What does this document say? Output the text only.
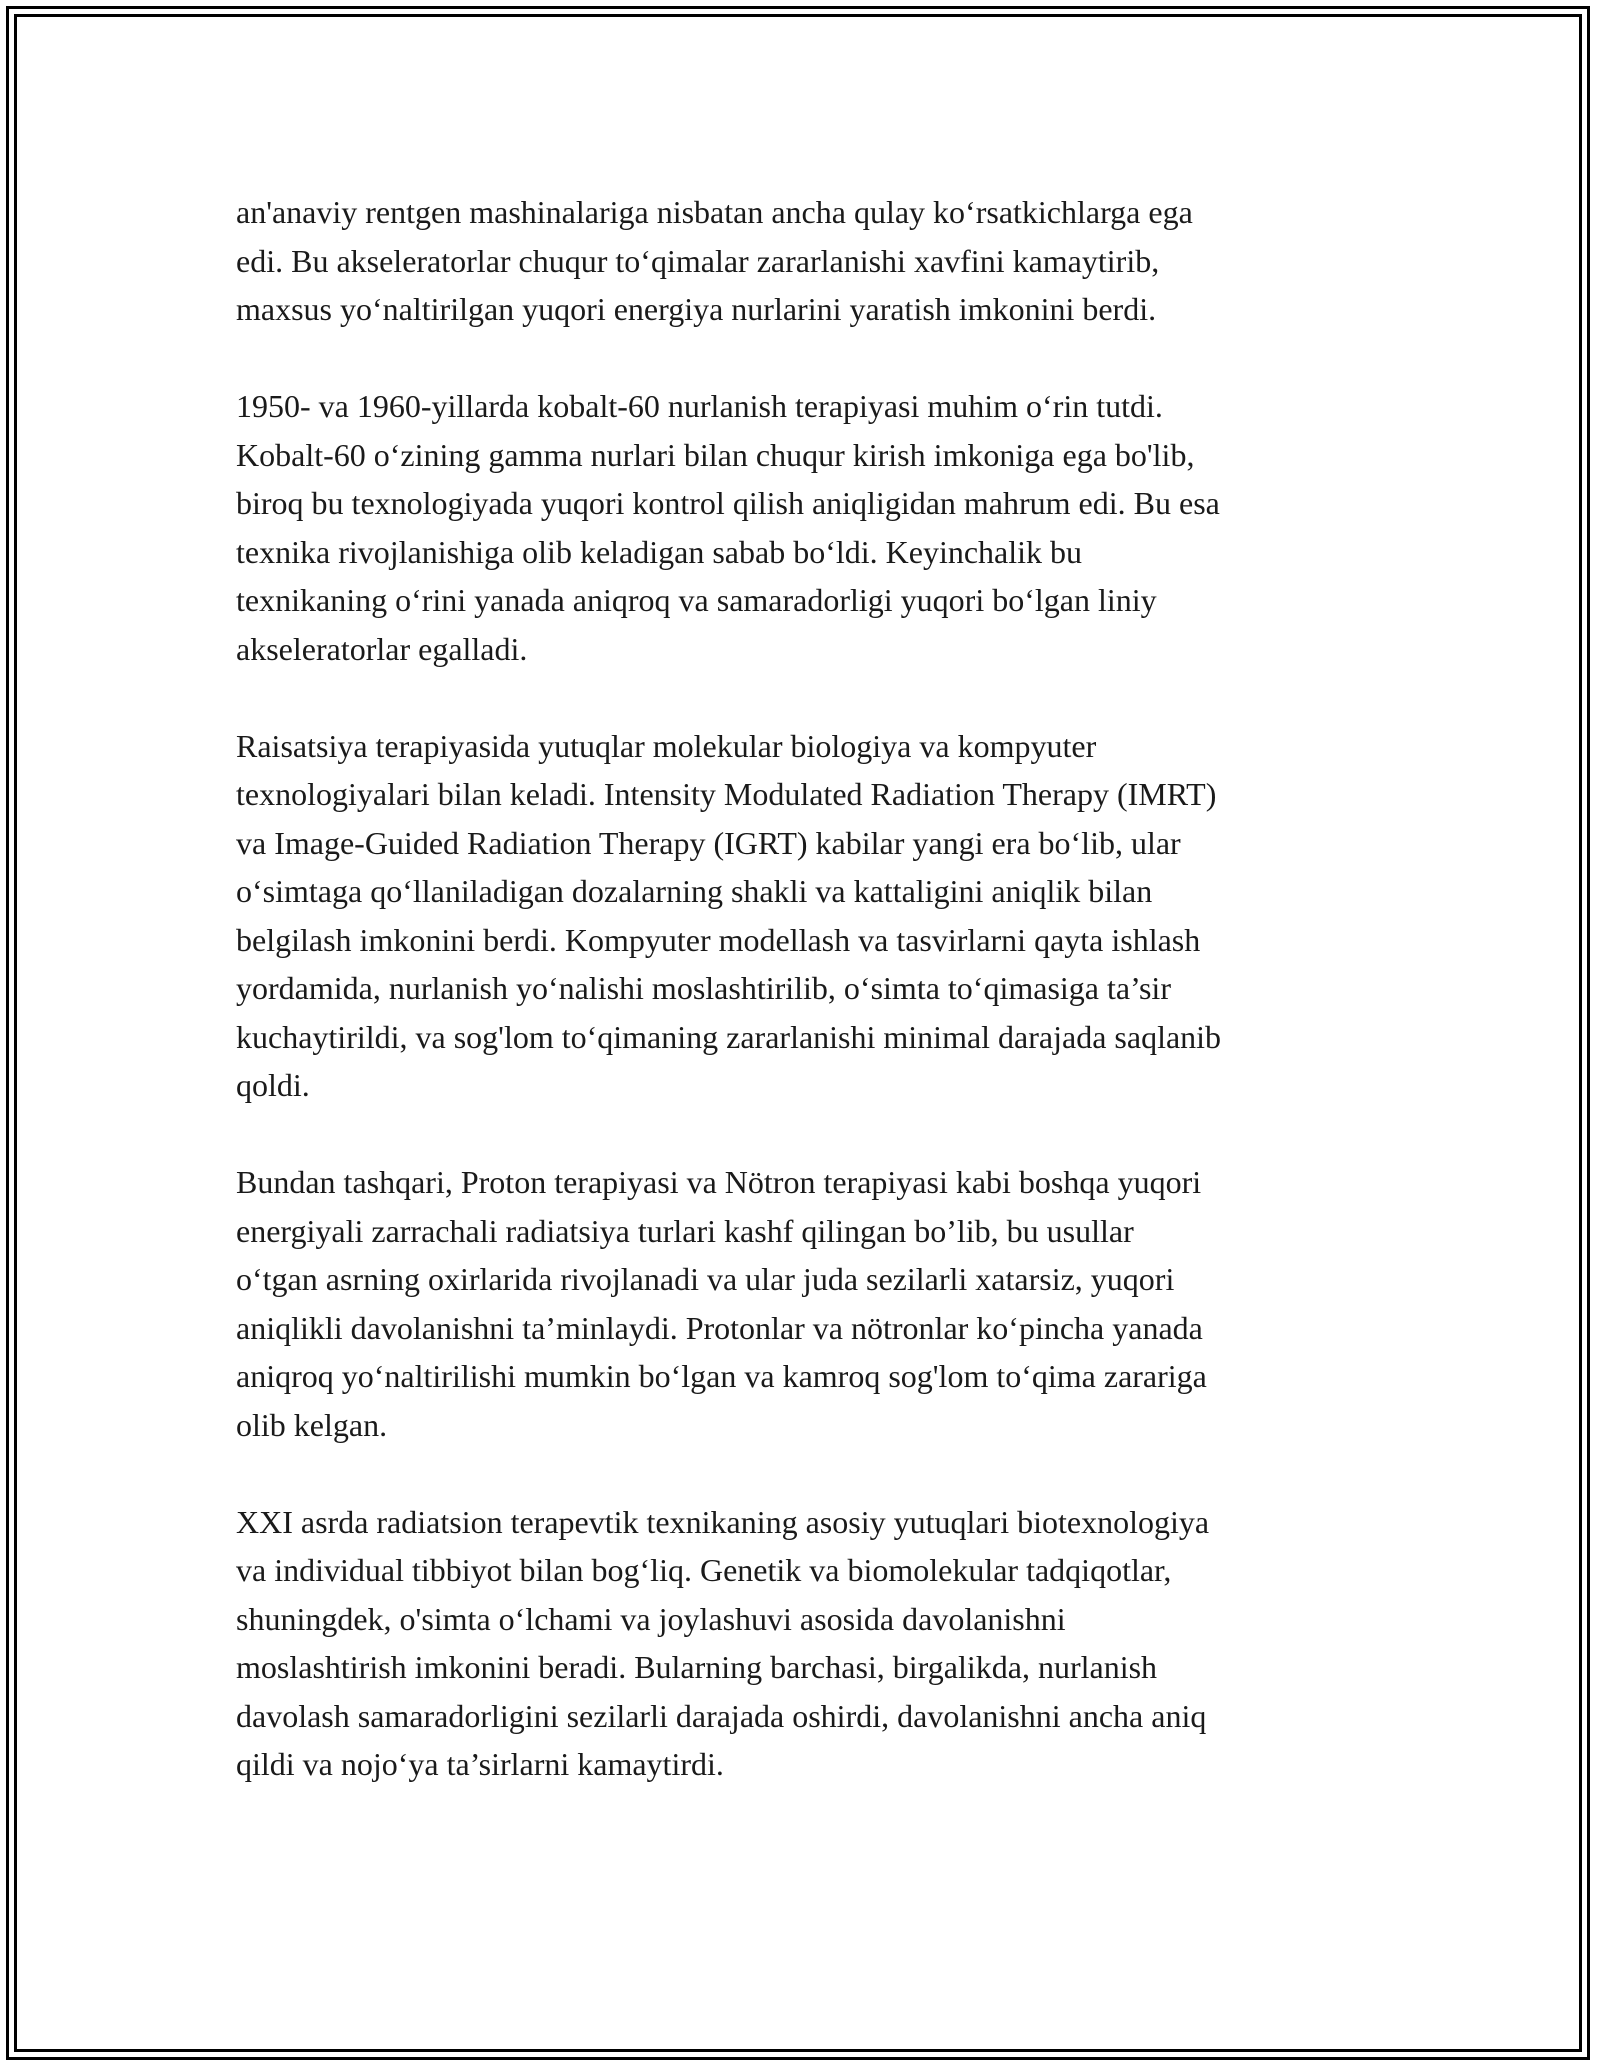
an'anaviy rentgen mashinalariga nisbatan ancha qulay ko‘rsatkichlarga ega
edi. Bu akseleratorlar chuqur to‘qimalar zararlanishi xavfini kamaytirib,
maxsus yo‘naltirilgan yuqori energiya nurlarini yaratish imkonini berdi.

1950- va 1960-yillarda kobalt-60 nurlanish terapiyasi muhim o‘rin tutdi.
Kobalt-60 o‘zining gamma nurlari bilan chuqur kirish imkoniga ega bo'lib,
biroq bu texnologiyada yuqori kontrol qilish aniqligidan mahrum edi. Bu esa
texnika rivojlanishiga olib keladigan sabab bo‘ldi. Keyinchalik bu
texnikaning o‘rini yanada aniqroq va samaradorligi yuqori bo‘lgan liniy
akseleratorlar egalladi.

Raisatsiya terapiyasida yutuqlar molekular biologiya va kompyuter
texnologiyalari bilan keladi. Intensity Modulated Radiation Therapy (IMRT)
va Image-Guided Radiation Therapy (IGRT) kabilar yangi era bo‘lib, ular
o‘simtaga qo‘llaniladigan dozalarning shakli va kattaligini aniqlik bilan
belgilash imkonini berdi. Kompyuter modellash va tasvirlarni qayta ishlash
yordamida, nurlanish yo‘nalishi moslashtirilib, o‘simta to‘qimasiga ta’sir
kuchaytirildi, va sog'lom to‘qimaning zararlanishi minimal darajada saqlanib
qoldi.

Bundan tashqari, Proton terapiyasi va Nötron terapiyasi kabi boshqa yuqori
energiyali zarrachali radiatsiya turlari kashf qilingan bo’lib, bu usullar
o‘tgan asrning oxirlarida rivojlanadi va ular juda sezilarli xatarsiz, yuqori
aniqlikli davolanishni ta’minlaydi. Protonlar va nötronlar ko‘pincha yanada
aniqroq yo‘naltirilishi mumkin bo‘lgan va kamroq sog'lom to‘qima zarariga
olib kelgan.

XXI asrda radiatsion terapevtik texnikaning asosiy yutuqlari biotexnologiya
va individual tibbiyot bilan bog‘liq. Genetik va biomolekular tadqiqotlar,
shuningdek, o'simta o‘lchami va joylashuvi asosida davolanishni
moslashtirish imkonini beradi. Bularning barchasi, birgalikda, nurlanish
davolash samaradorligini sezilarli darajada oshirdi, davolanishni ancha aniq
qildi va nojo‘ya ta’sirlarni kamaytirdi.
